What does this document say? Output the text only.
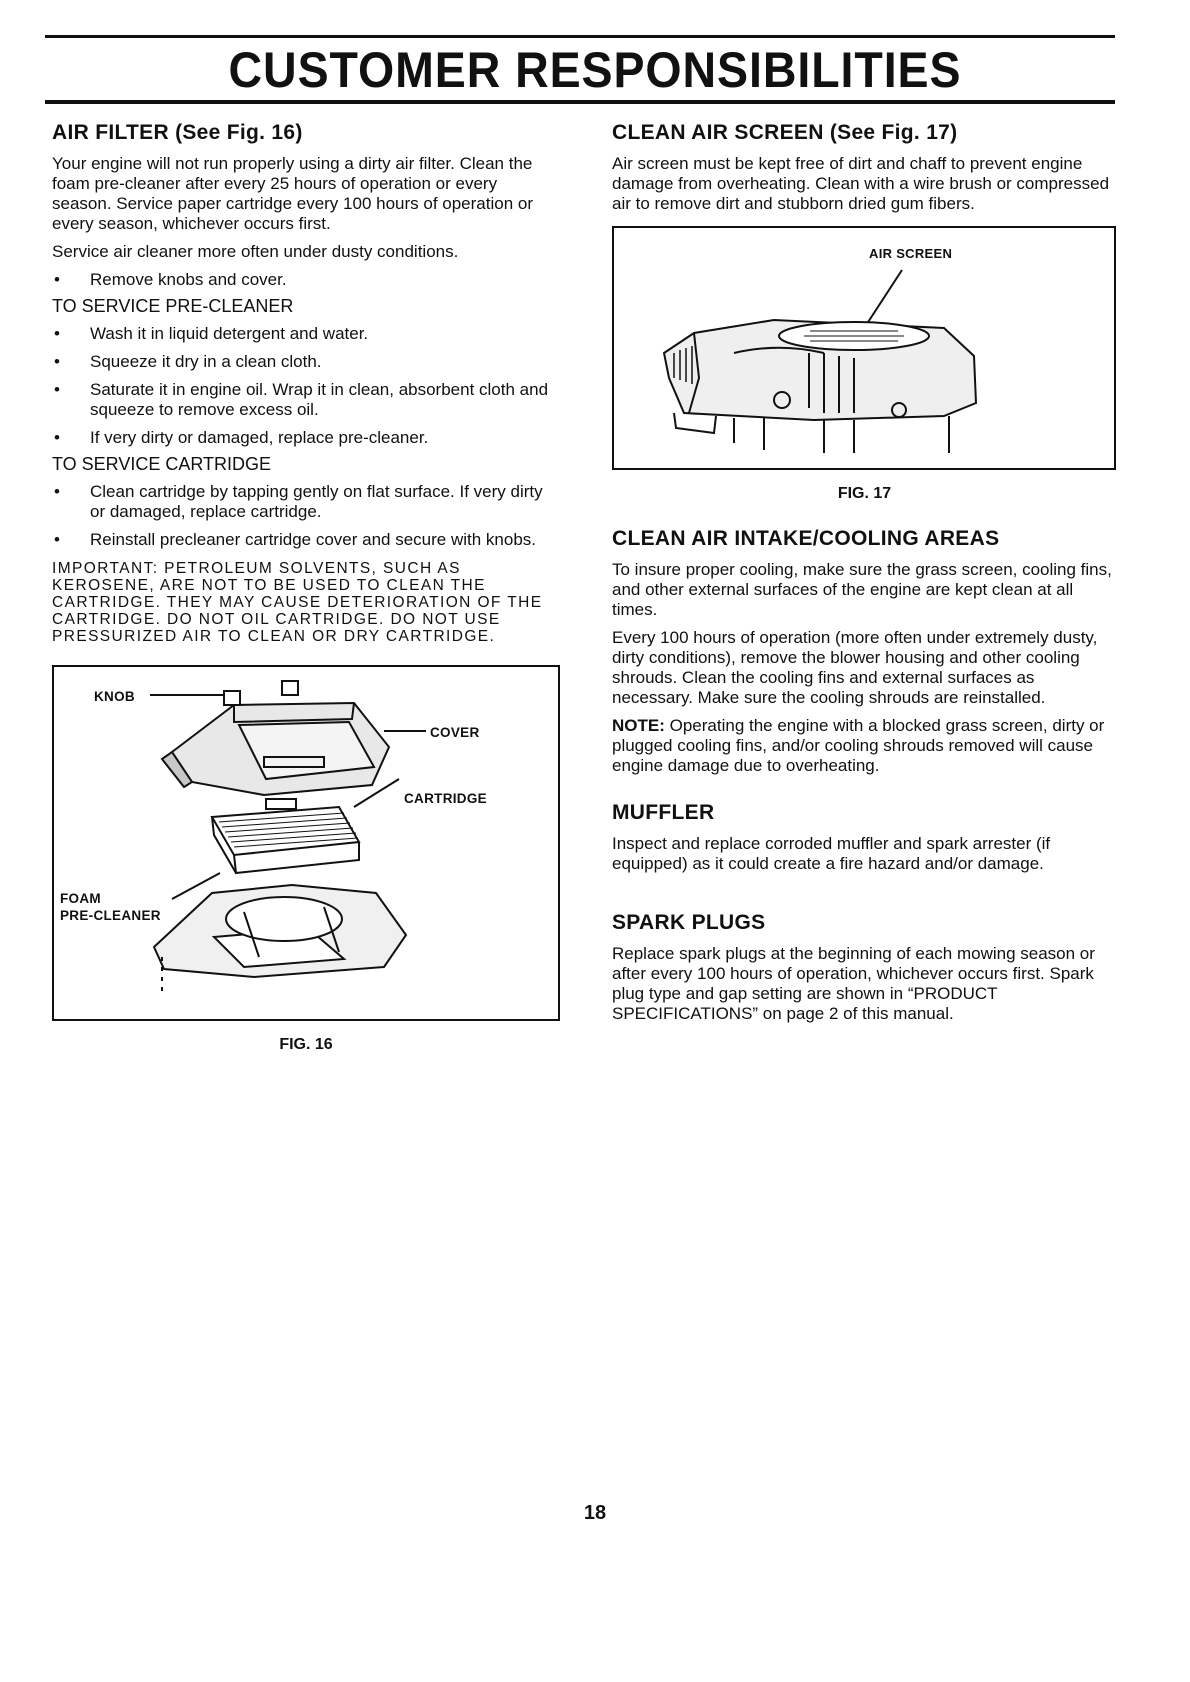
CUSTOMER RESPONSIBILITIES
AIR FILTER (See Fig. 16)

Your engine will not run properly using a dirty air filter. Clean the foam pre-cleaner after every 25 hours of operation or every season. Service paper cartridge every 100 hours of operation or every season, whichever occurs first.

Service air cleaner more often under dusty conditions.

• Remove knobs and cover.

TO SERVICE PRE-CLEANER

• Wash it in liquid detergent and water.
• Squeeze it dry in a clean cloth.
• Saturate it in engine oil. Wrap it in clean, absorbent cloth and squeeze to remove excess oil.
• If very dirty or damaged, replace pre-cleaner.

TO SERVICE CARTRIDGE

• Clean cartridge by tapping gently on flat surface. If very dirty or damaged, replace cartridge.
• Reinstall precleaner cartridge cover and secure with knobs.

IMPORTANT: PETROLEUM SOLVENTS, SUCH AS KEROSENE, ARE NOT TO BE USED TO CLEAN THE CARTRIDGE. THEY MAY CAUSE DETERIORATION OF THE CARTRIDGE. DO NOT OIL CARTRIDGE. DO NOT USE PRESSURIZED AIR TO CLEAN OR DRY CARTRIDGE.

KNOB
COVER
CARTRIDGE
FOAM
PRE-CLEANER

FIG. 16

CLEAN AIR SCREEN (See Fig. 17)

Air screen must be kept free of dirt and chaff to prevent engine damage from overheating. Clean with a wire brush or compressed air to remove dirt and stubborn dried gum fibers.

AIR SCREEN

FIG. 17

CLEAN AIR INTAKE/COOLING AREAS

To insure proper cooling, make sure the grass screen, cooling fins, and other external surfaces of the engine are kept clean at all times.

Every 100 hours of operation (more often under extremely dusty, dirty conditions), remove the blower housing and other cooling shrouds. Clean the cooling fins and external surfaces as necessary. Make sure the cooling shrouds are reinstalled.

NOTE: Operating the engine with a blocked grass screen, dirty or plugged cooling fins, and/or cooling shrouds removed will cause engine damage due to overheating.

MUFFLER

Inspect and replace corroded muffler and spark arrester (if equipped) as it could create a fire hazard and/or damage.

SPARK PLUGS

Replace spark plugs at the beginning of each mowing season or after every 100 hours of operation, whichever occurs first. Spark plug type and gap setting are shown in “PRODUCT SPECIFICATIONS” on page 2 of this manual.

18
